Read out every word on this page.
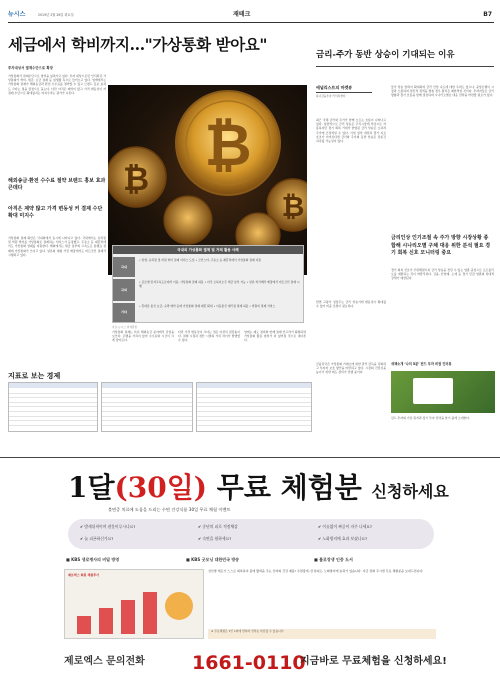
뉴시스	2019년 2월 26일 화요일	재테크	B7
세금에서 학비까지…"가상통화 받아요"
투자대상서 결제수단으로 확장
가상통화가 결제수단으로 영역을 넓혀가고 있다. 투자 대상으로만 인식되던 가상통화가 학비, 세금, 요금 결제 등 실생활 속으로 들어오고 있다. 업계에서는 가상통화 결제가 해외송금과 환전 수수료를 절약할 수 있고 브랜드 홍보 효과도 크다는 점을 장점으로 꼽는다. 다만 아직은 제약이 많고 가격 변동성이 커 결제 수단으로 확대될지는 미지수라는 평가가 나온다.
해외송금·환전 수수료 절약 브랜드 홍보 효과 큰데다
아직은 제약 많고 가격 변동성 커 결제 수단 확대 미지수
가상통화 결제 확산은 국내외에서 동시에 나타나고 있다. 국내에서는 유치원 및 학원 학비를 가상통화로 결제하는 서비스가 등장했고, 주유소 등 제휴처에서도 가상통화 결제를 지원한다. 해외에서는 세금 납부와 고속도로 통행료 결제에 가상통화가 쓰이고 있다. 일본의 대형 가전 매장에서도 비트코인 결제가 시행되고 있다.
₿
₿
₿
국내외 가상통화 결제 및 거래 활용 사례
국내
• 빗썸, 유치원 및 학원 학비 결제 서비스 도입 • 코인스타, 주유소 등 제휴처에서 가상통화 결제 지원
국외
• 글로벌 민자고속도로에서 이용, 가상통화 결제 허용 • 미국 오하이오주 세금 납부 가능 • 일본 빅카메라 매장에서 비트코인 결제 시행
기타
• 휴대폰 통신 요금, 숙박 예약 등에 가상통화 결제 제휴 확대 • 이동통신 대리점 결제 허용 • 학원비 결제 서비스
자료:뉴시스 취재종합
가상통화 결제는 특히 해외송금 분야에서 강점을 보인다. 은행을 거치지 않아 수수료와 시간이 크게 줄어든다.
다만 가격 변동성이 크다는 점은 여전히 걸림돌이다. 결제 시점과 정산 시점의 가치 차이가 발생할 수 있다.
업계는 제도 정비와 함께 결제 인프라가 확충되면 가상통화 활용 범위가 더 넓어질 것으로 내다본다.
금리-주가 동반 상승이 기대되는 이유
애널리스트의 마켓뷰
하나금융투자 리서치센터
최근 국채 금리와 주가가 함께 오르는 흐름이 나타나고 있다. 일반적으로 금리 상승은 주식시장에 부담으로 작용하지만 경기 회복 기대가 반영된 금리 상승은 오히려 주가에 긍정적일 수 있다. 기업 실적 개선과 경기 지표 호조가 이어진다면 금리와 주가의 동반 상승은 당분간 지속될 가능성이 있다.
물가 상승 압력이 확대되며 금리 인상 속도에 대한 우려도 있으나, 중앙은행이 시장과 소통하며 점진적 정책을 펼칠 경우 충격은 제한적일 것이다. 투자자들은 금리 방향과 경기 흐름을 함께 점검하며 시나리오별로 대응 전략을 마련할 필요가 있다.
금리인상 인기조절 속 주가 방향 시장상황 종합해 시나리오별 구체 대응 위한 분석 필요 경기 회복 신호 모니터링 중요
경기 회복 신호가 뚜렷해질수록 금리 상승을 견딜 수 있는 업종 중심으로 포트폴리오를 재편하는 것이 바람직하다. 금융, 산업재, 소재 등 경기 민감 업종의 상대적 강세가 예상된다.
반면 고평가 성장주는 금리 상승기에 변동성이 확대될 수 있어 비중 조절이 필요하다.
지표로 보는 경제
금융당국은 가상통화 거래소에 대한 관리 감독을 강화하고 투자자 보호 방안을 마련하고 있다. 시장의 건전성을 높이기 위한 제도 정비가 진행 중이다.
새책소개 ‘나의 5분’ 펀드 투자 비결 인터뷰
펀드 투자의 기본 원칙과 장기 투자 전략을 알기 쉽게 소개한다.
1달(30일) 무료 체험분 신청하세요
불면증 치료에 도움을 드리는 수면 건강식품 30일 무료 체험 이벤트
✔ 밤새뒤척이며 잠못이루시나요?	✔ 중년의 피로 적정체감	✔ 이유없이 짜증이 자주 나세요?
✔ 늘 피곤하신가요?	✔ 숙면을 원하세요?	✔ 노화방지에 효과 보셨나요?
■ KBS 생로병사의 비밀 방영	■ KBS 굿모닝 대한민국 방송	■ 불로장생 인증 도서
제로엑스 회원 체험후기
성인병 세포가 스스로 회복하여 몸에 활력을 주는 신비의 건강 제품! 수면장애, 만성피로, 노화방지에 효과가 있습니다. 지금 전화 주시면 무료 체험분을 보내드립니다.
※ 무료체험은 1인 1회에 한하며 선착순 마감될 수 있습니다.
제로엑스 문의전화 1661-0110
지금바로 무료체험을 신청하세요!
